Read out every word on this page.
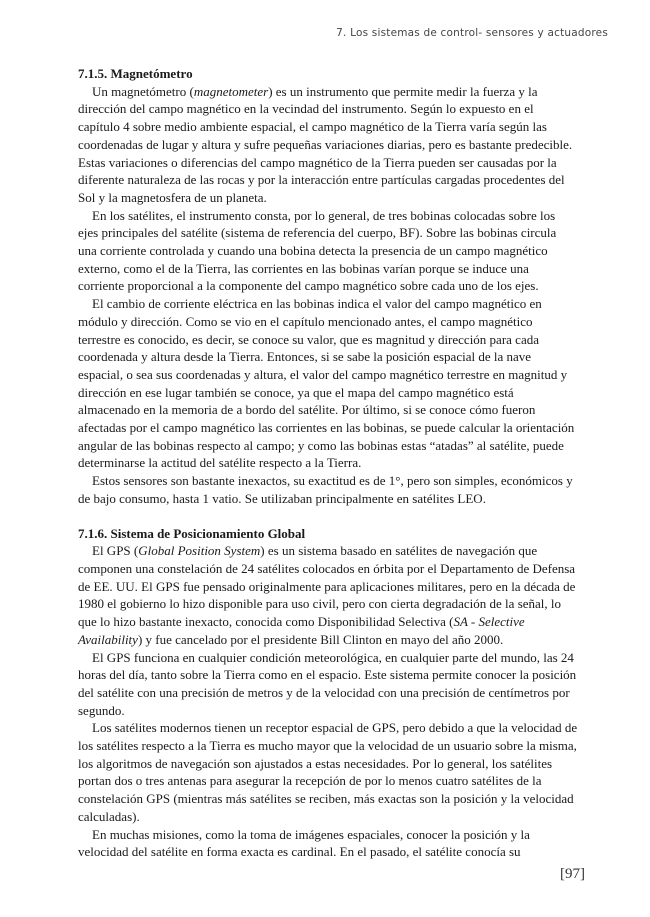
7. Los sistemas de control- sensores y actuadores
7.1.5. Magnetómetro

Un magnetómetro (magnetometer) es un instrumento que permite medir la fuerza y la dirección del campo magnético en la vecindad del instrumento. Según lo expuesto en el capítulo 4 sobre medio ambiente espacial, el campo magnético de la Tierra varía según las coordenadas de lugar y altura y sufre pequeñas variaciones diarias, pero es bastante predecible. Estas variaciones o diferencias del campo magnético de la Tierra pueden ser causadas por la diferente naturaleza de las rocas y por la interacción entre partículas cargadas procedentes del Sol y la magnetosfera de un planeta.

En los satélites, el instrumento consta, por lo general, de tres bobinas colocadas sobre los ejes principales del satélite (sistema de referencia del cuerpo, BF). Sobre las bobinas circula una corriente controlada y cuando una bobina detecta la presencia de un campo magnético externo, como el de la Tierra, las corrientes en las bobinas varían porque se induce una corriente proporcional a la componente del campo magnético sobre cada uno de los ejes.

El cambio de corriente eléctrica en las bobinas indica el valor del campo magnético en módulo y dirección. Como se vio en el capítulo mencionado antes, el campo magnético terrestre es conocido, es decir, se conoce su valor, que es magnitud y dirección para cada coordenada y altura desde la Tierra. Entonces, si se sabe la posición espacial de la nave espacial, o sea sus coordenadas y altura, el valor del campo magnético terrestre en magnitud y dirección en ese lugar también se conoce, ya que el mapa del campo magnético está almacenado en la memoria de a bordo del satélite. Por último, si se conoce cómo fueron afectadas por el campo magnético las corrientes en las bobinas, se puede calcular la orientación angular de las bobinas respecto al campo; y como las bobinas estas “atadas” al satélite, puede determinarse la actitud del satélite respecto a la Tierra.

Estos sensores son bastante inexactos, su exactitud es de 1°, pero son simples, económicos y de bajo consumo, hasta 1 vatio. Se utilizaban principalmente en satélites LEO.

7.1.6. Sistema de Posicionamiento Global

El GPS (Global Position System) es un sistema basado en satélites de navegación que componen una constelación de 24 satélites colocados en órbita por el Departamento de Defensa de EE. UU. El GPS fue pensado originalmente para aplicaciones militares, pero en la década de 1980 el gobierno lo hizo disponible para uso civil, pero con cierta degradación de la señal, lo que lo hizo bastante inexacto, conocida como Disponibilidad Selectiva (SA - Selective Availability) y fue cancelado por el presidente Bill Clinton en mayo del año 2000.

El GPS funciona en cualquier condición meteorológica, en cualquier parte del mundo, las 24 horas del día, tanto sobre la Tierra como en el espacio. Este sistema permite conocer la posición del satélite con una precisión de metros y de la velocidad con una precisión de centímetros por segundo.

Los satélites modernos tienen un receptor espacial de GPS, pero debido a que la velocidad de los satélites respecto a la Tierra es mucho mayor que la velocidad de un usuario sobre la misma, los algoritmos de navegación son ajustados a estas necesidades. Por lo general, los satélites portan dos o tres antenas para asegurar la recepción de por lo menos cuatro satélites de la constelación GPS (mientras más satélites se reciben, más exactas son la posición y la velocidad calculadas).

En muchas misiones, como la toma de imágenes espaciales, conocer la posición y la velocidad del satélite en forma exacta es cardinal. En el pasado, el satélite conocía su

[97]
